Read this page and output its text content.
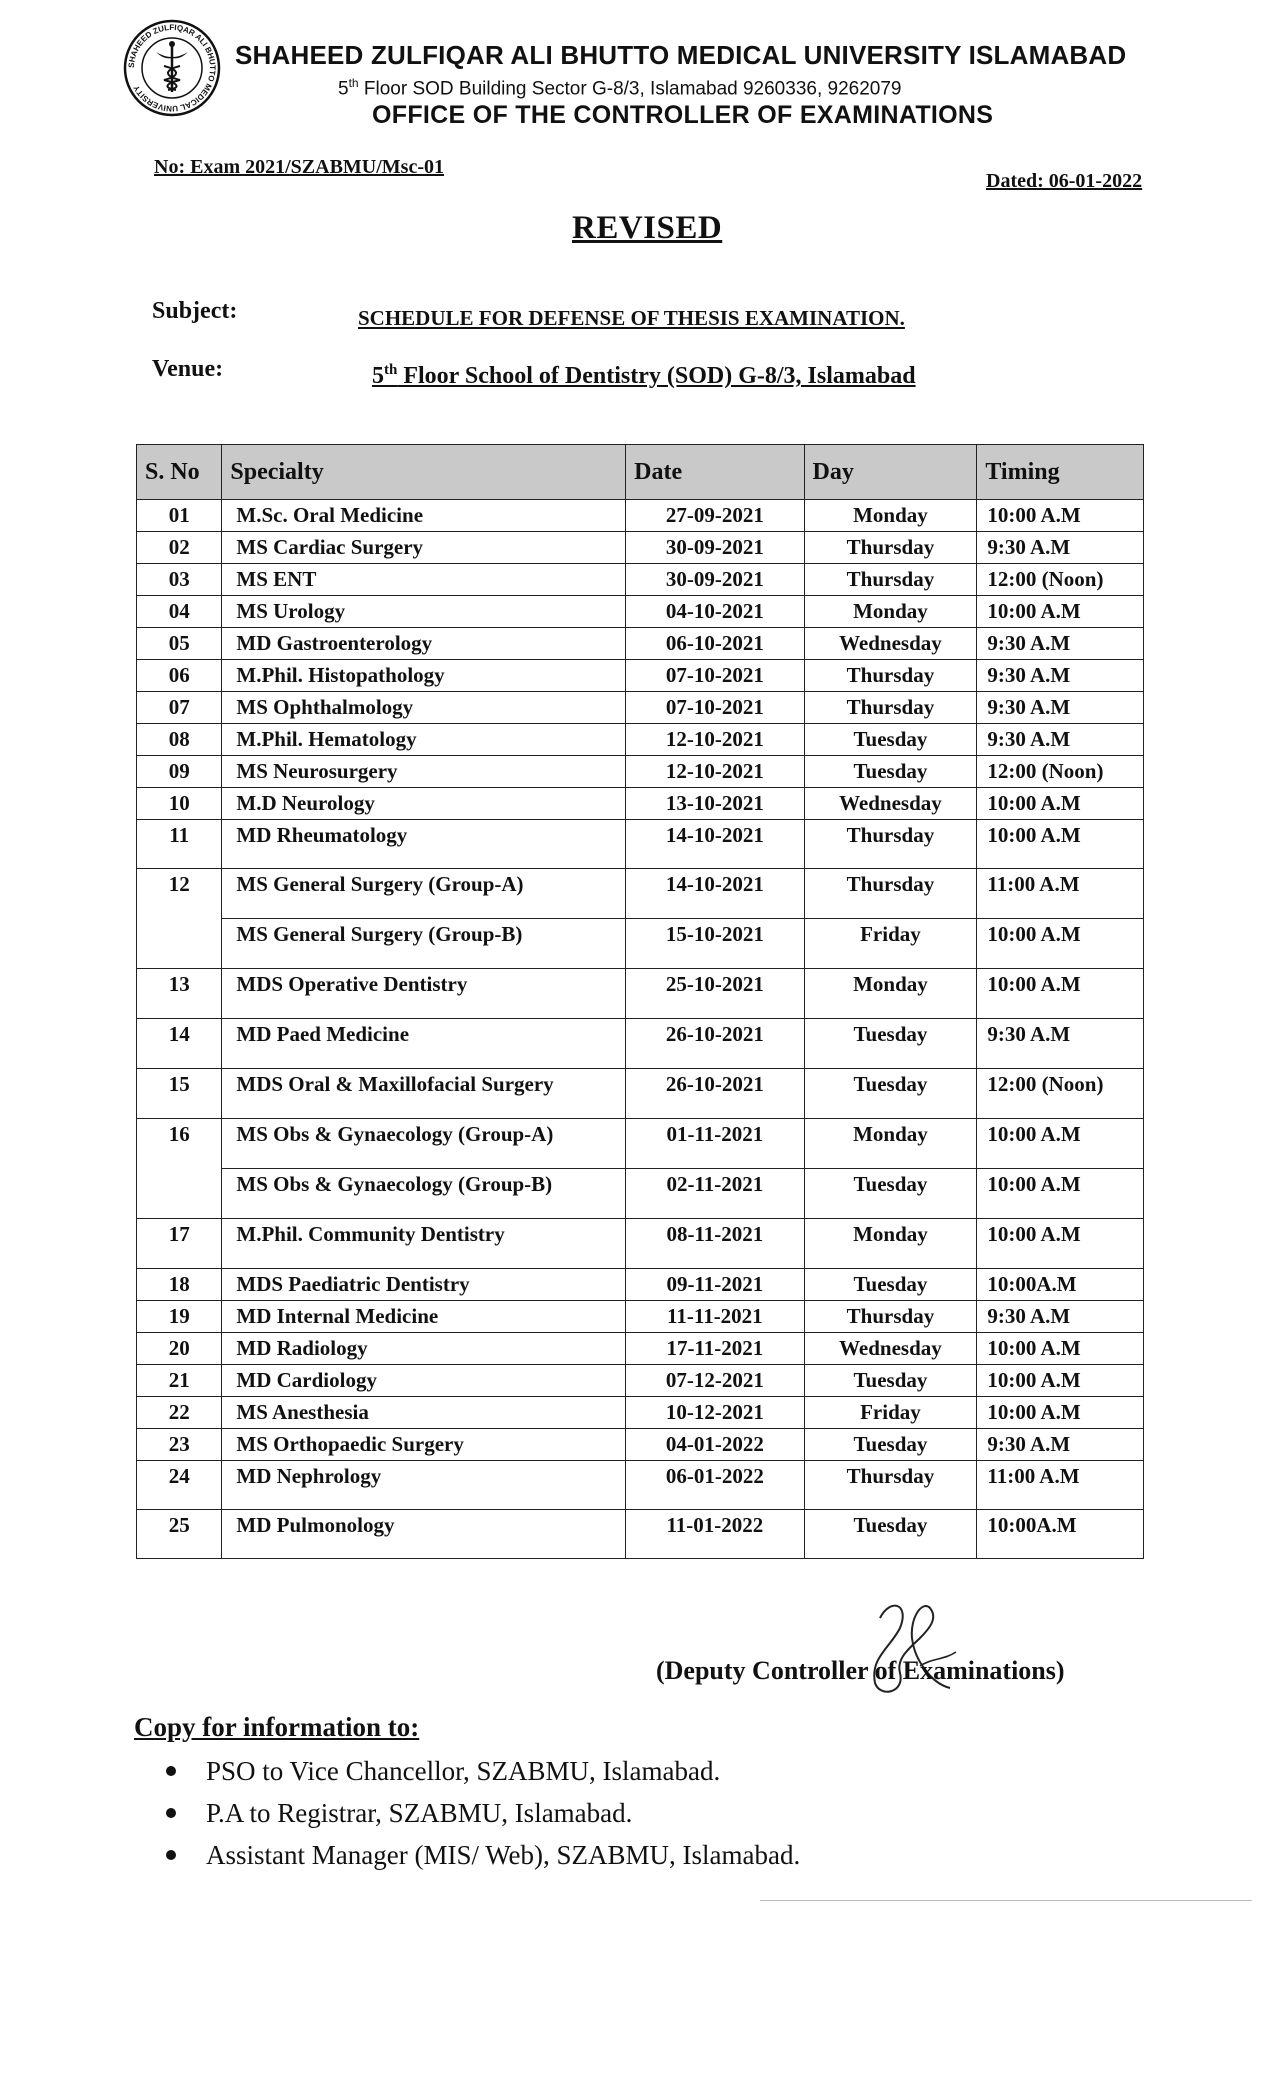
SHAHEED ZULFIQAR ALI BHUTTO MEDICAL UNIVERSITY
SHAHEED ZULFIQAR ALI BHUTTO MEDICAL UNIVERSITY ISLAMABAD
5th Floor SOD Building Sector G-8/3, Islamabad 9260336, 9262079
OFFICE OF THE CONTROLLER OF EXAMINATIONS
No: Exam 2021/SZABMU/Msc-01
Dated: 06-01-2022
REVISED
Subject:	SCHEDULE FOR DEFENSE OF THESIS EXAMINATION.
Venue:	5th Floor School of Dentistry (SOD) G-8/3, Islamabad
S. No	Specialty	Date	Day	Timing
01	M.Sc. Oral Medicine	27-09-2021	Monday	10:00 A.M
02	MS Cardiac Surgery	30-09-2021	Thursday	9:30 A.M
03	MS ENT	30-09-2021	Thursday	12:00 (Noon)
04	MS Urology	04-10-2021	Monday	10:00 A.M
05	MD Gastroenterology	06-10-2021	Wednesday	9:30 A.M
06	M.Phil. Histopathology	07-10-2021	Thursday	9:30 A.M
07	MS Ophthalmology	07-10-2021	Thursday	9:30 A.M
08	M.Phil. Hematology	12-10-2021	Tuesday	9:30 A.M
09	MS Neurosurgery	12-10-2021	Tuesday	12:00 (Noon)
10	M.D Neurology	13-10-2021	Wednesday	10:00 A.M
11	MD Rheumatology	14-10-2021	Thursday	10:00 A.M
12	MS General Surgery (Group-A)	14-10-2021	Thursday	11:00 A.M
	MS General Surgery (Group-B)	15-10-2021	Friday	10:00 A.M
13	MDS Operative Dentistry	25-10-2021	Monday	10:00 A.M
14	MD Paed Medicine	26-10-2021	Tuesday	9:30 A.M
15	MDS Oral & Maxillofacial Surgery	26-10-2021	Tuesday	12:00 (Noon)
16	MS Obs & Gynaecology (Group-A)	01-11-2021	Monday	10:00 A.M
	MS Obs & Gynaecology (Group-B)	02-11-2021	Tuesday	10:00 A.M
17	M.Phil. Community Dentistry	08-11-2021	Monday	10:00 A.M
18	MDS Paediatric Dentistry	09-11-2021	Tuesday	10:00A.M
19	MD Internal Medicine	11-11-2021	Thursday	9:30 A.M
20	MD Radiology	17-11-2021	Wednesday	10:00 A.M
21	MD Cardiology	07-12-2021	Tuesday	10:00 A.M
22	MS Anesthesia	10-12-2021	Friday	10:00 A.M
23	MS Orthopaedic Surgery	04-01-2022	Tuesday	9:30 A.M
24	MD Nephrology	06-01-2022	Thursday	11:00 A.M
25	MD Pulmonology	11-01-2022	Tuesday	10:00A.M
(Deputy Controller of Examinations)
Copy for information to:
PSO to Vice Chancellor, SZABMU, Islamabad.
P.A to Registrar, SZABMU, Islamabad.
Assistant Manager (MIS/ Web), SZABMU, Islamabad.
